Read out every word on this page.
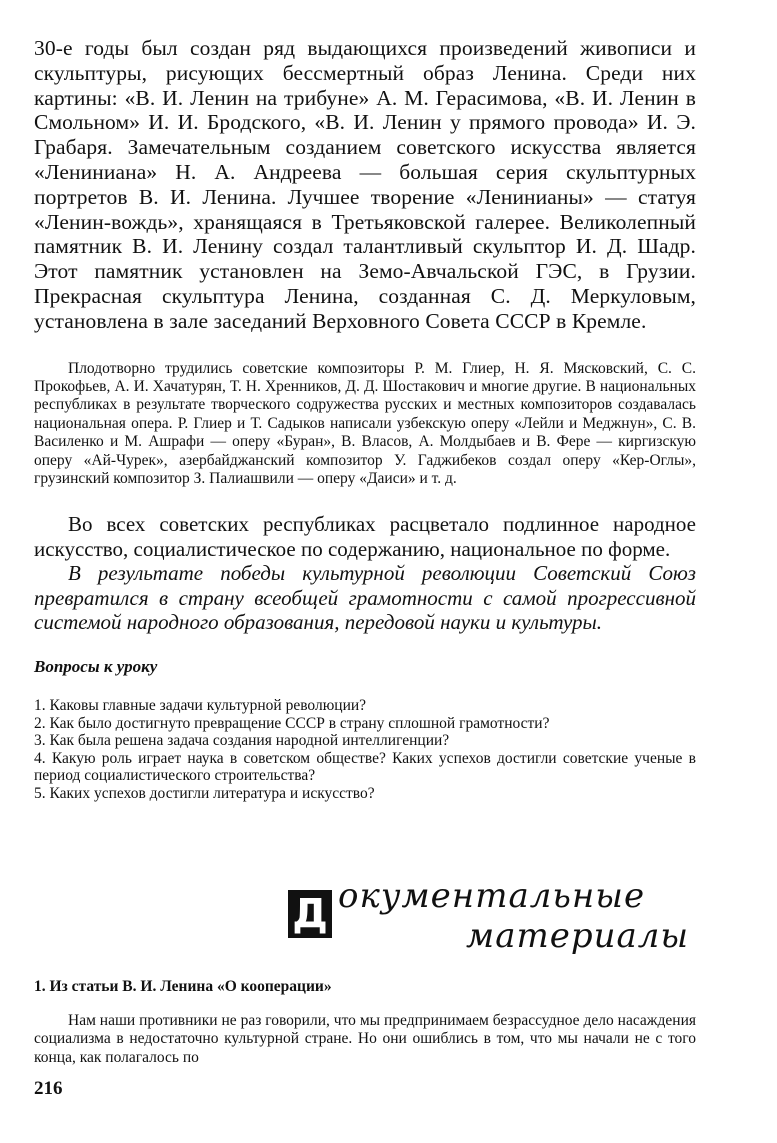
30-е годы был создан ряд выдающихся произведений живописи и скульптуры, рисующих бессмертный образ Ленина. Среди них картины: «В. И. Ленин на трибуне» А. М. Герасимова, «В. И. Ленин в Смольном» И. И. Бродского, «В. И. Ленин у прямого провода» И. Э. Грабаря. Замечательным созданием советского искусства является «Лениниана» Н. А. Андреева — большая серия скульптурных портретов В. И. Ленина. Лучшее творение «Ленинианы» — статуя «Ленин-вождь», хранящаяся в Третьяковской галерее. Великолепный памятник В. И. Ленину создал талантливый скульптор И. Д. Шадр. Этот памятник установлен на Земо-Авчальской ГЭС, в Грузии. Прекрасная скульптура Ленина, созданная С. Д. Меркуловым, установлена в зале заседаний Верховного Совета СССР в Кремле.

Плодотворно трудились советские композиторы Р. М. Глиер, Н. Я. Мясковский, С. С. Прокофьев, А. И. Хачатурян, Т. Н. Хренников, Д. Д. Шостакович и многие другие. В национальных республиках в результате творческого содружества русских и местных композиторов создавалась национальная опера. Р. Глиер и Т. Садыков написали узбекскую оперу «Лейли и Меджнун», С. В. Василенко и М. Ашрафи — оперу «Буран», В. Власов, А. Молдыбаев и В. Фере — киргизскую оперу «Ай-Чурек», азербайджанский композитор У. Гаджибеков создал оперу «Кер-Оглы», грузинский композитор З. Палиашвили — оперу «Даиси» и т. д.

Во всех советских республиках расцветало подлинное народное искусство, социалистическое по содержанию, национальное по форме.

В результате победы культурной революции Советский Союз превратился в страну всеобщей грамотности с самой прогрессивной системой народного образования, передовой науки и культуры.

Вопросы к уроку
1. Каковы главные задачи культурной революции?
2. Как было достигнуто превращение СССР в страну сплошной грамотности?
3. Как была решена задача создания народной интеллигенции?
4. Какую роль играет наука в советском обществе? Каких успехов достигли советские ученые в период социалистического строительства?
5. Каких успехов достигли литература и искусство?
Д окументальные
материалы
1. Из статьи В. И. Ленина «О кооперации»

Нам наши противники не раз говорили, что мы предпринимаем безрассудное дело насаждения социализма в недостаточно культурной стране. Но они ошиблись в том, что мы начали не с того конца, как полагалось по

216
